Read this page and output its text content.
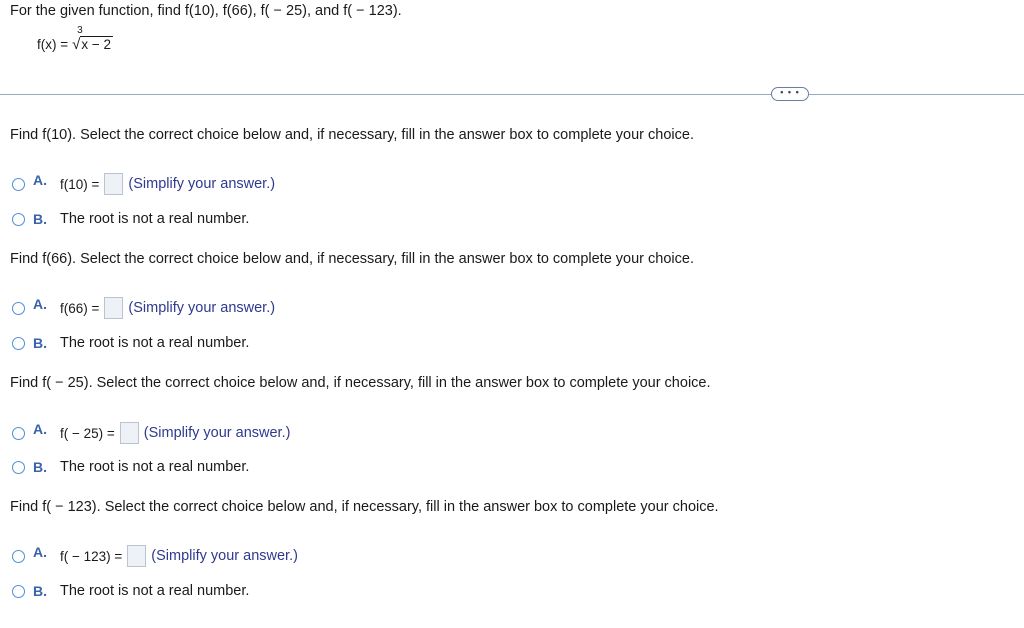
For the given function, find f(10), f(66), f( − 25), and f( − 123).
f(x) =
3
√ x − 2
• • •
Find f(10). Select the correct choice below and, if necessary, fill in the answer box to complete your choice.
A. f(10) = (Simplify your answer.)
B. The root is not a real number.
Find f(66). Select the correct choice below and, if necessary, fill in the answer box to complete your choice.
A. f(66) = (Simplify your answer.)
B. The root is not a real number.
Find f( − 25). Select the correct choice below and, if necessary, fill in the answer box to complete your choice.
A. f( − 25) = (Simplify your answer.)
B. The root is not a real number.
Find f( − 123). Select the correct choice below and, if necessary, fill in the answer box to complete your choice.
A. f( − 123) = (Simplify your answer.)
B. The root is not a real number.
